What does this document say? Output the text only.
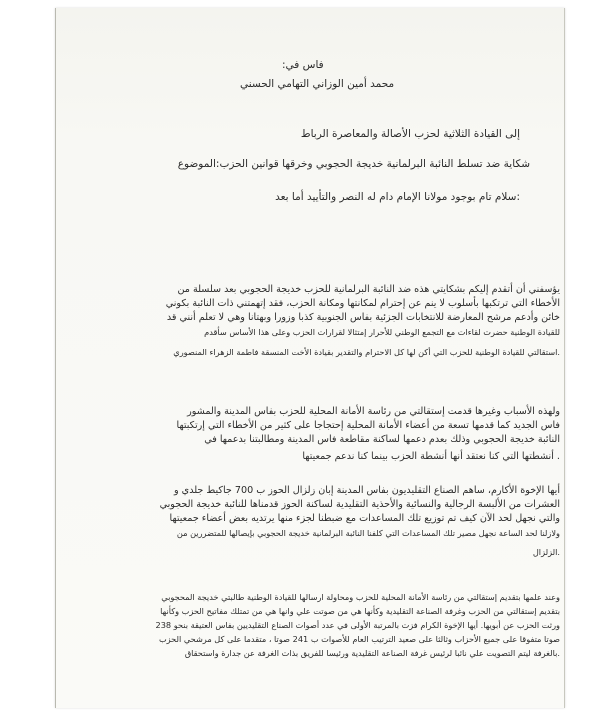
فاس في:
محمد أمين الوزاني التهامي الحسني
إلى القيادة الثلاثية لحزب الأصالة والمعاصرة الرباط
شكاية ضد تسلط النائبة البرلمانية خديجة الحجوبي وخرقها قوانين الحزب:الموضوع
:سلام تام بوجود مولانا الإمام دام له النصر والتأييد أما بعد
يؤسفني أن أتقدم إليكم بشكايتي هذه ضد النائبة البرلمانية للحزب خديجة الحجوبي بعد سلسلة من
الأخطاء التي ترتكبها بأسلوب لا ينم عن إحترام لمكانتها ومكانة الحزب، فقد إتهمتني ذات النائبة بكوني
خائن وأدعم مرشح المعارضة للانتخابات الجزئية بفاس الجنوبية كذبا وزورا وبهتانا وهي لا تعلم أنني قد
للقيادة الوطنية حضرت لقاءات مع التجمع الوطني للأحرار إمتثالا لقرارات الحزب وعلى هذا الأساس سأقدم
.استقالتي للقيادة الوطنية للحزب التي أكن لها كل الاحترام والتقدير بقيادة الأخت المنسقة فاطمة الزهراء المنصوري
ولهذه الأسباب وغيرها قدمت إستقالتي من رئاسة الأمانة المحلية للحزب بفاس المدينة والمشور
فاس الجديد كما قدمها تسعة من أعضاء الأمانة المحلية إحتجاجا على كثير من الأخطاء التي إرتكبتها
النائبة خديجة الحجوبي وذلك بعدم دعمها لساكنة مقاطعة فاس المدينة ومطالبتنا بدعمها في
. أنشطتها التي كنا نعتقد أنها أنشطة الحزب بينما كنا ندعم جمعيتها
أيها الإخوة الأكارم، ساهم الصناع التقليديون بفاس المدينة إبان زلزال الحوز ب 700 جاكيط جلدي و
العشرات من الألبسة الرجالية والنسائية والأحذية التقليدية لساكنة الحوز قدمناها للنائبة خديجة الحجوبي
والتي نجهل لحد الآن كيف تم توزيع تلك المساعدات مع ضبطنا لجزء منها يرتديه بعض أعضاء جمعيتها
ولازلنا لحد الساعة نجهل مصير تلك المساعدات التي كلفنا النائبة البرلمانية خديجة الحجوبي بإيصالها للمتضررين من
.الزلزال
وعند علمها بتقديم إستقالتي من رئاسة الأمانة المحلية للحزب ومحاولة ارسالها للقيادة الوطنية طالبتي خديجة المحجوبي
بتقديم إستقالتي من الحزب وغرفة الصناعة التقليدية وكأنها هي من صوتت علي وانها هي من تمتلك مفاتيح الحزب وكأنها
ورثت الحزب عن أبويها. أيها الإخوة الكرام فزت بالمرتبة الأولى في عدد أصوات الصناع التقليديين بفاس العتيقة بنحو 238
صوتا متفوقا على جميع الأحزاب وثالثا على صعيد الترتيب العام للأصوات ب 241 صوتا ، متقدما على كل مرشحي الحزب
.بالغرفة ليتم التصويت علي نائبا لرئيس غرفة الصناعة التقليدية ورئيسا للفريق بذات الغرفة عن جدارة واستحقاق
